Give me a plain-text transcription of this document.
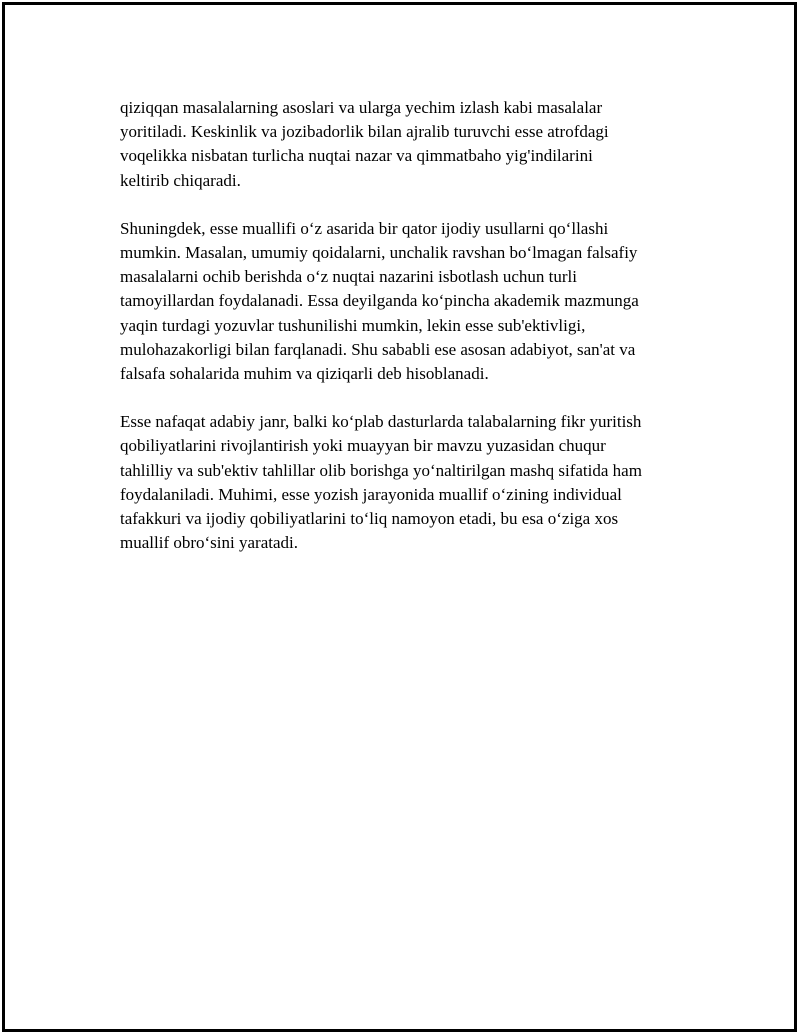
qiziqqan masalalarning asoslari va ularga yechim izlash kabi masalalar
yoritiladi. Keskinlik va jozibadorlik bilan ajralib turuvchi esse atrofdagi
voqelikka nisbatan turlicha nuqtai nazar va qimmatbaho yig'indilarini
keltirib chiqaradi.

Shuningdek, esse muallifi o‘z asarida bir qator ijodiy usullarni qo‘llashi
mumkin. Masalan, umumiy qoidalarni, unchalik ravshan bo‘lmagan falsafiy
masalalarni ochib berishda o‘z nuqtai nazarini isbotlash uchun turli
tamoyillardan foydalanadi. Essa deyilganda ko‘pincha akademik mazmunga
yaqin turdagi yozuvlar tushunilishi mumkin, lekin esse sub'ektivligi,
mulohazakorligi bilan farqlanadi. Shu sababli ese asosan adabiyot, san'at va
falsafa sohalarida muhim va qiziqarli deb hisoblanadi.

Esse nafaqat adabiy janr, balki ko‘plab dasturlarda talabalarning fikr yuritish
qobiliyatlarini rivojlantirish yoki muayyan bir mavzu yuzasidan chuqur
tahlilliy va sub'ektiv tahlillar olib borishga yo‘naltirilgan mashq sifatida ham
foydalaniladi. Muhimi, esse yozish jarayonida muallif o‘zining individual
tafakkuri va ijodiy qobiliyatlarini to‘liq namoyon etadi, bu esa o‘ziga xos
muallif obro‘sini yaratadi.
